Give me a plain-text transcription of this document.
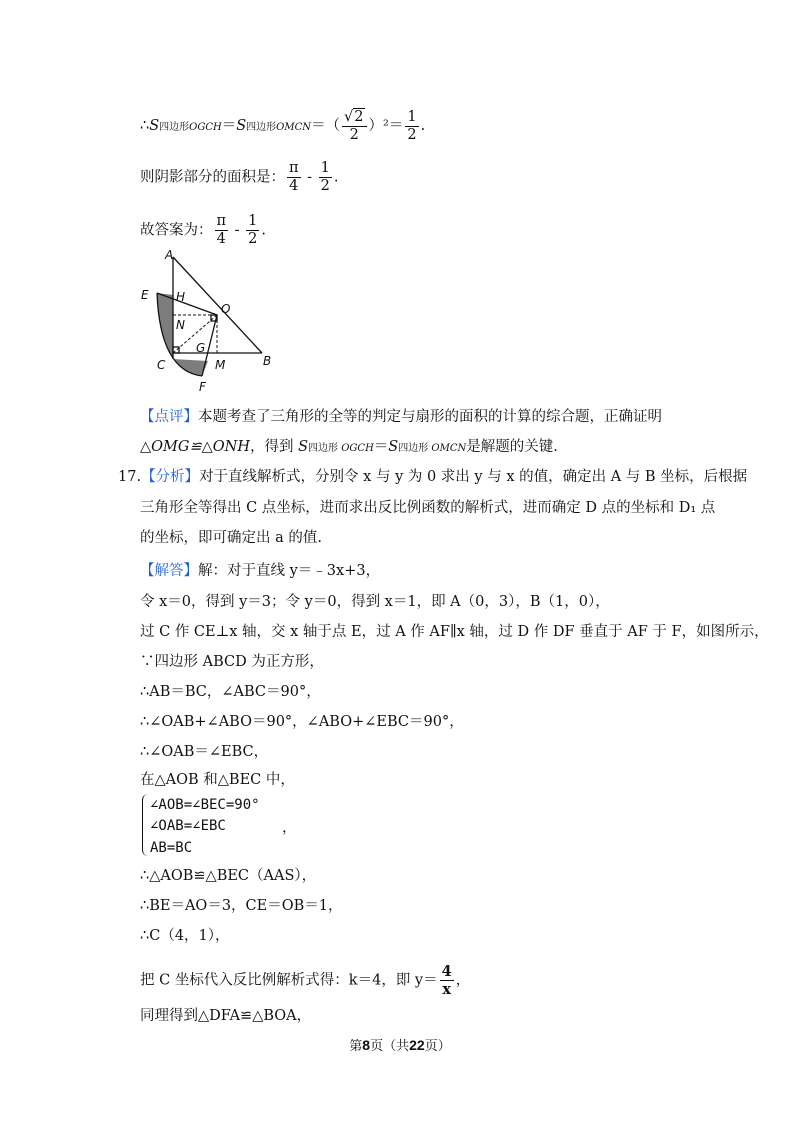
∴S四边形OGCH＝S四边形OMCN＝（ $\frac{√2}{2} )^2= \frac{1}{2}$ .
则阴影部分的面积是： $\frac{\pi}{4} - \frac{1}{2}$ .
故答案为： $\frac{\pi}{4} - \frac{1}{2}$ .
A
E H
O
N
G
C	M	B
F
【点评】本题考查了三角形的全等的判定与扇形的面积的计算的综合题，正确证明
△OMG≌△ONH，得到 S四边形 OGCH＝S四边形 OMCN是解题的关键.
17.【分析】对于直线解析式，分别令 x 与 y 为 0 求出 y 与 x 的值，确定出 A 与 B 坐标，后根据
三角形全等得出 C 点坐标，进而求出反比例函数的解析式，进而确定 D 点的坐标和 D₁ 点
的坐标，即可确定出 a 的值.
【解答】解：对于直线 y＝﹣3x+3，
令 x＝0，得到 y＝3；令 y＝0，得到 x＝1，即 A（0，3），B（1，0），
过 C 作 CE⊥x 轴，交 x 轴于点 E，过 A 作 AF∥x 轴，过 D 作 DF 垂直于 AF 于 F，如图所示，
∵四边形 ABCD 为正方形，
∴AB＝BC，∠ABC＝90°，
∴∠OAB+∠ABO＝90°，∠ABO+∠EBC＝90°，
∴∠OAB＝∠EBC，
在△AOB 和△BEC 中，
∠AOB=∠BEC=90°
∠OAB=∠EBC	，
AB=BC
∴△AOB≌△BEC（AAS），
∴BE＝AO＝3，CE＝OB＝1，
∴C（4，1），
把 C 坐标代入反比例解析式得：k＝4，即 $y= \frac{4}{x}$ ，
同理得到△DFA≌△BOA，
第8页（共22页）
